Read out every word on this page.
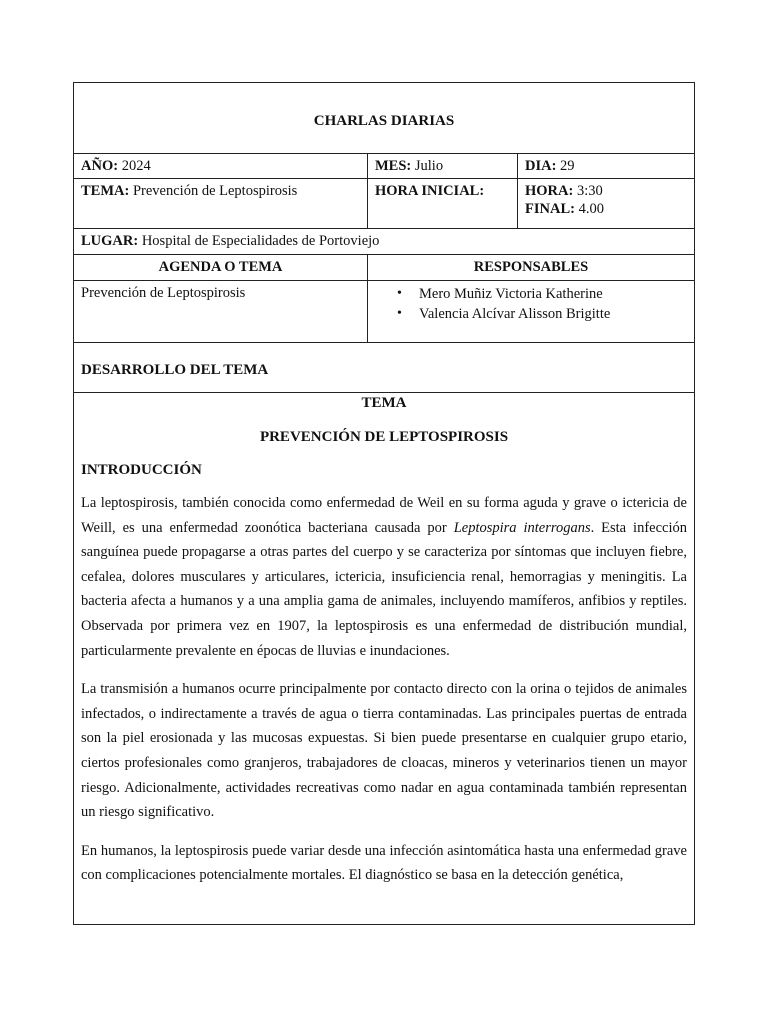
CHARLAS DIARIAS
AÑO: 2024	MES: Julio	DIA: 29
TEMA: Prevención de Leptospirosis	HORA INICIAL:	HORA: 3:30
FINAL: 4.00
LUGAR: Hospital de Especialidades de Portoviejo
AGENDA O TEMA	RESPONSABLES
Prevención de Leptospirosis
•	Mero Muñiz Victoria Katherine
• Valencia Alcívar Alisson Brigitte
DESARROLLO DEL TEMA
TEMA
PREVENCIÓN DE LEPTOSPIROSIS
INTRODUCCIÓN

La leptospirosis, también conocida como enfermedad de Weil en su forma aguda y grave o ictericia de Weill, es una enfermedad zoonótica bacteriana causada por Leptospira interrogans. Esta infección sanguínea puede propagarse a otras partes del cuerpo y se caracteriza por síntomas que incluyen fiebre, cefalea, dolores musculares y articulares, ictericia, insuficiencia renal, hemorragias y meningitis. La bacteria afecta a humanos y a una amplia gama de animales, incluyendo mamíferos, anfibios y reptiles. Observada por primera vez en 1907, la leptospirosis es una enfermedad de distribución mundial, particularmente prevalente en épocas de lluvias e inundaciones.

La transmisión a humanos ocurre principalmente por contacto directo con la orina o tejidos de animales infectados, o indirectamente a través de agua o tierra contaminadas. Las principales puertas de entrada son la piel erosionada y las mucosas expuestas. Si bien puede presentarse en cualquier grupo etario, ciertos profesionales como granjeros, trabajadores de cloacas, mineros y veterinarios tienen un mayor riesgo. Adicionalmente, actividades recreativas como nadar en agua contaminada también representan un riesgo significativo.

En humanos, la leptospirosis puede variar desde una infección asintomática hasta una enfermedad grave con complicaciones potencialmente mortales. El diagnóstico se basa en la detección genética,
